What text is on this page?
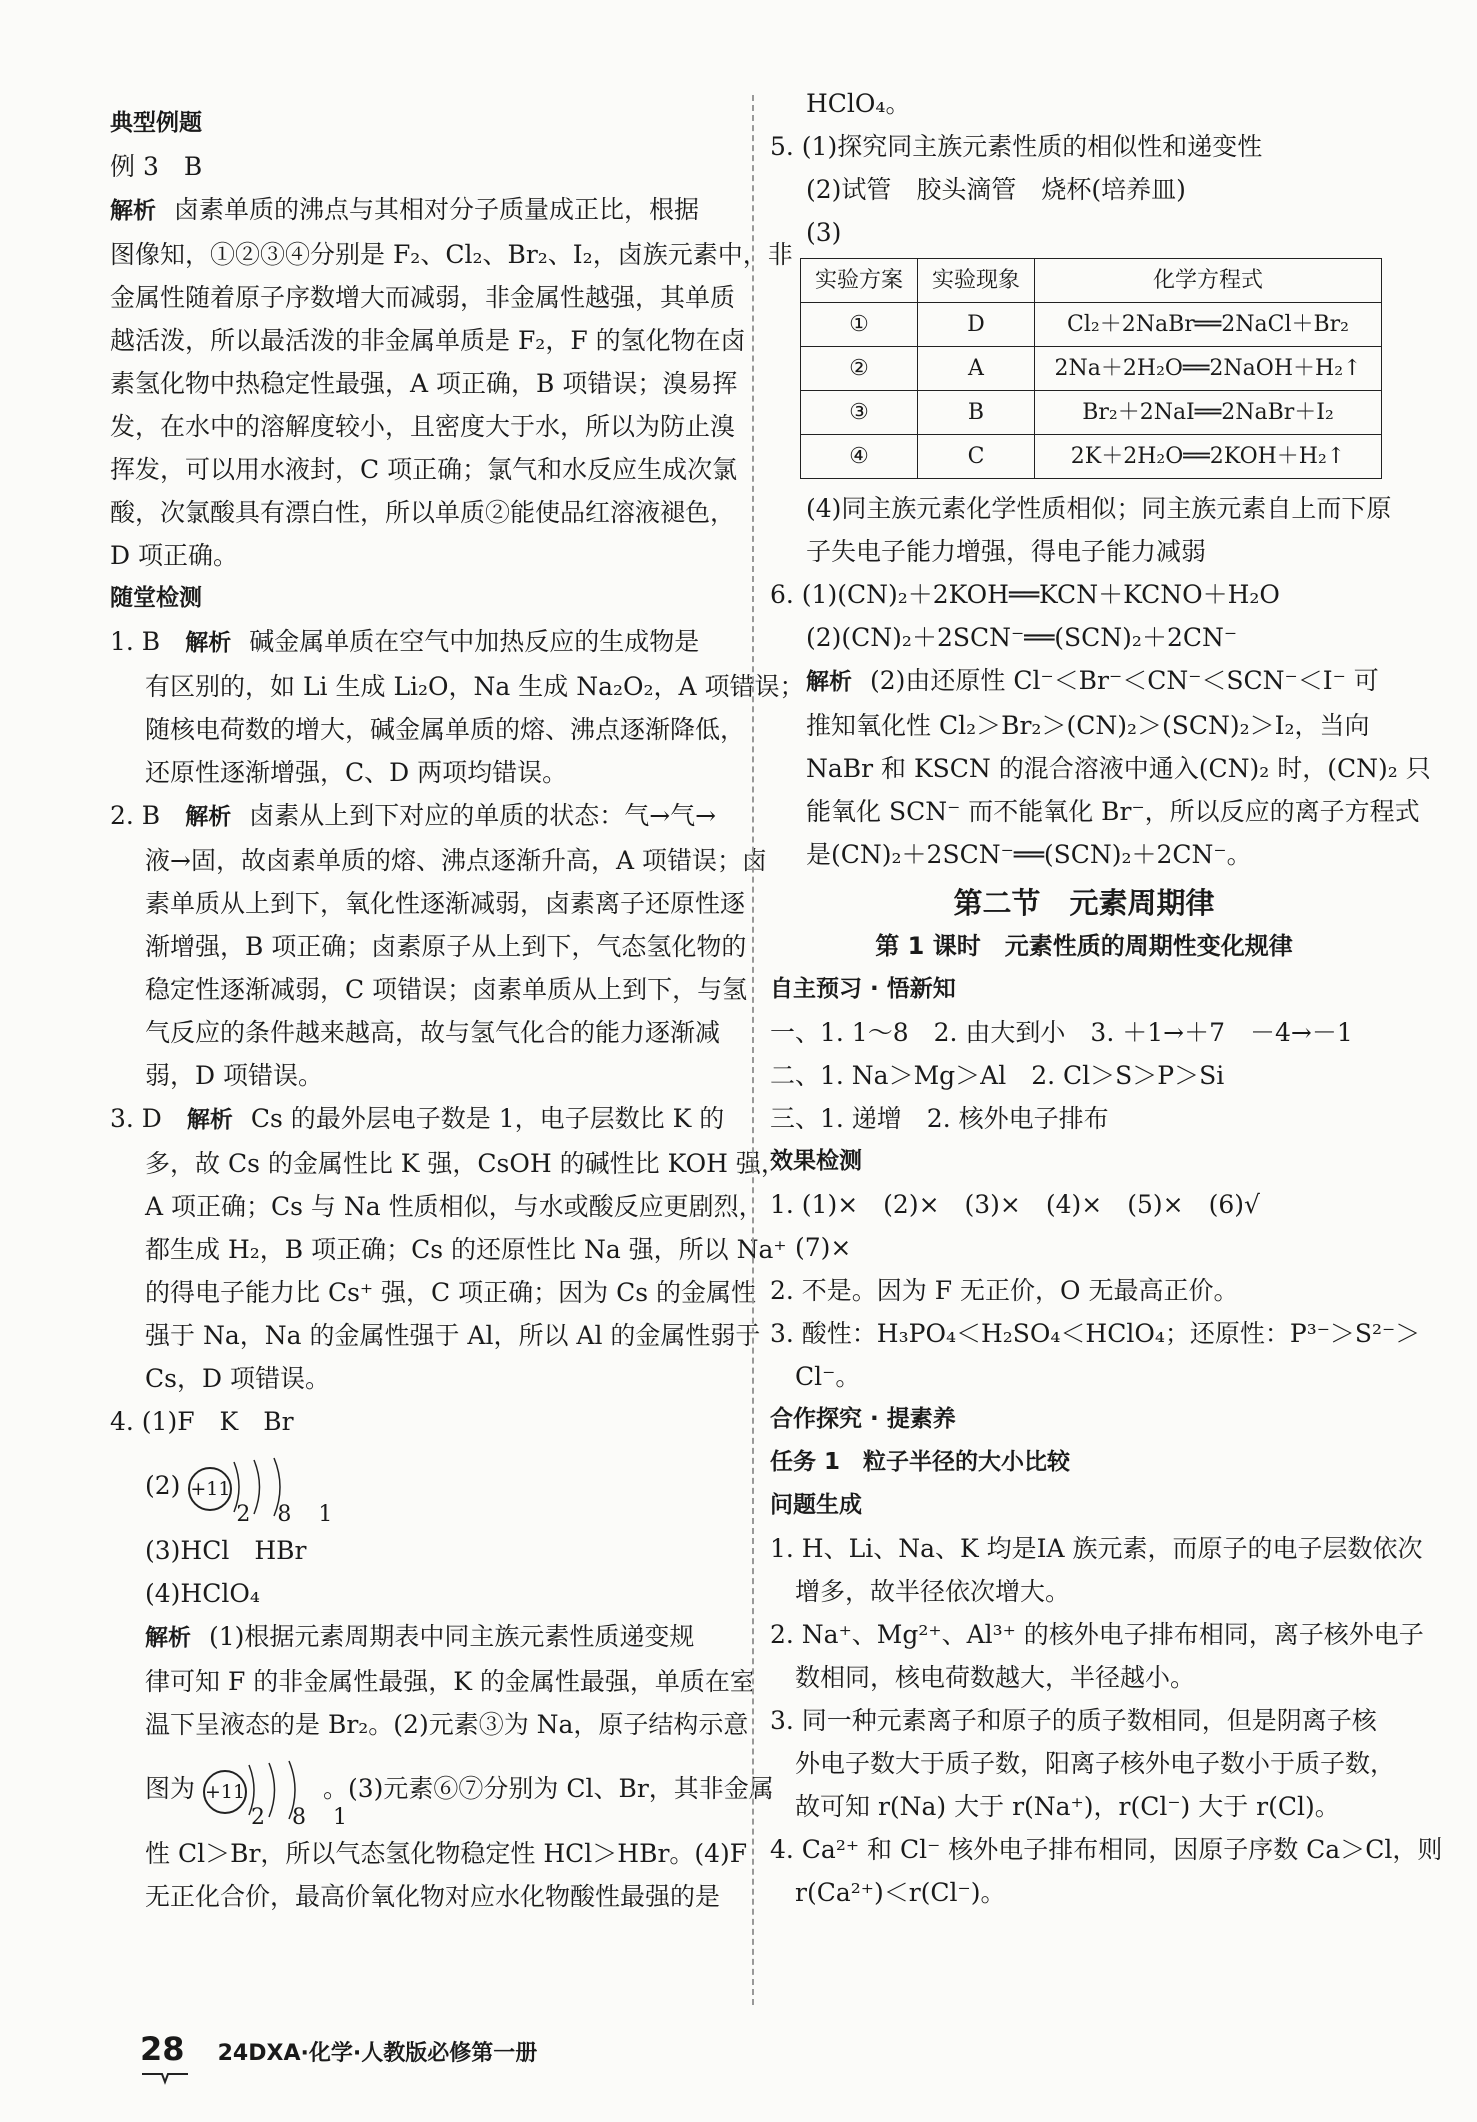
典型例题
例 3　B
解析 卤素单质的沸点与其相对分子质量成正比，根据
图像知，①②③④分别是 F₂、Cl₂、Br₂、I₂，卤族元素中，非
金属性随着原子序数增大而减弱，非金属性越强，其单质
越活泼，所以最活泼的非金属单质是 F₂，F 的氢化物在卤
素氢化物中热稳定性最强，A 项正确，B 项错误；溴易挥
发，在水中的溶解度较小，且密度大于水，所以为防止溴
挥发，可以用水液封，C 项正确；氯气和水反应生成次氯
酸，次氯酸具有漂白性，所以单质②能使品红溶液褪色，
D 项正确。
随堂检测
1. B　 解析 碱金属单质在空气中加热反应的生成物是
有区别的，如 Li 生成 Li₂O，Na 生成 Na₂O₂，A 项错误；
随核电荷数的增大，碱金属单质的熔、沸点逐渐降低，
还原性逐渐增强，C、D 两项均错误。
2. B　 解析 卤素从上到下对应的单质的状态：气→气→
液→固，故卤素单质的熔、沸点逐渐升高，A 项错误；卤
素单质从上到下，氧化性逐渐减弱，卤素离子还原性逐
渐增强，B 项正确；卤素原子从上到下，气态氢化物的
稳定性逐渐减弱，C 项错误；卤素单质从上到下，与氢
气反应的条件越来越高，故与氢气化合的能力逐渐减
弱，D 项错误。
3. D　 解析 Cs 的最外层电子数是 1，电子层数比 K 的
多，故 Cs 的金属性比 K 强，CsOH 的碱性比 KOH 强，
A 项正确；Cs 与 Na 性质相似，与水或酸反应更剧烈，
都生成 H₂，B 项正确；Cs 的还原性比 Na 强，所以 Na⁺
的得电子能力比 Cs⁺ 强，C 项正确；因为 Cs 的金属性
强于 Na，Na 的金属性强于 Al，所以 Al 的金属性弱于
Cs，D 项错误。
4. (1)F　K　Br
(2) +11
2 8 1
(3)HCl　HBr
(4)HClO₄
解析 (1)根据元素周期表中同主族元素性质递变规
律可知 F 的非金属性最强，K 的金属性最强，单质在室
温下呈液态的是 Br₂。(2)元素③为 Na，原子结构示意
图为 +11
2 8 1
。(3)元素⑥⑦分别为 Cl、Br，其非金属
性 Cl＞Br，所以气态氢化物稳定性 HCl＞HBr。(4)F
无正化合价，最高价氧化物对应水化物酸性最强的是
HClO₄。
5. (1)探究同主族元素性质的相似性和递变性
(2)试管　胶头滴管　烧杯(培养皿)
(3)
实验方案	实验现象	化学方程式
①	D	Cl₂＋2NaBr══2NaCl＋Br₂
②	A	2Na＋2H₂O══2NaOH＋H₂↑
③	B	Br₂＋2NaI══2NaBr＋I₂
④	C	2K＋2H₂O══2KOH＋H₂↑
(4)同主族元素化学性质相似；同主族元素自上而下原
子失电子能力增强，得电子能力减弱
6. (1)(CN)₂＋2KOH══KCN＋KCNO＋H₂O
(2)(CN)₂＋2SCN⁻══(SCN)₂＋2CN⁻
解析 (2)由还原性 Cl⁻＜Br⁻＜CN⁻＜SCN⁻＜I⁻ 可
推知氧化性 Cl₂＞Br₂＞(CN)₂＞(SCN)₂＞I₂，当向
NaBr 和 KSCN 的混合溶液中通入(CN)₂ 时，(CN)₂ 只
能氧化 SCN⁻ 而不能氧化 Br⁻，所以反应的离子方程式
是(CN)₂＋2SCN⁻══(SCN)₂＋2CN⁻。
第二节　元素周期律
第 1 课时　元素性质的周期性变化规律
自主预习 · 悟新知
一、1. 1～8　2. 由大到小　3. ＋1→＋7　－4→－1
二、1. Na＞Mg＞Al　2. Cl＞S＞P＞Si
三、1. 递增　2. 核外电子排布
效果检测
1. (1)×　(2)×　(3)×　(4)×　(5)×　(6)√
　(7)×
2. 不是。因为 F 无正价，O 无最高正价。
3. 酸性：H₃PO₄＜H₂SO₄＜HClO₄；还原性：P³⁻＞S²⁻＞
　Cl⁻。
合作探究 · 提素养
任务 1　粒子半径的大小比较
问题生成
1. H、Li、Na、K 均是ⅠA 族元素，而原子的电子层数依次
　增多，故半径依次增大。
2. Na⁺、Mg²⁺、Al³⁺ 的核外电子排布相同，离子核外电子
　数相同，核电荷数越大，半径越小。
3. 同一种元素离子和原子的质子数相同，但是阴离子核
　外电子数大于质子数，阳离子核外电子数小于质子数，
　故可知 r(Na) 大于 r(Na⁺)，r(Cl⁻) 大于 r(Cl)。
4. Ca²⁺ 和 Cl⁻ 核外电子排布相同，因原子序数 Ca＞Cl，则
　r(Ca²⁺)＜r(Cl⁻)。
28 24DXA·化学·人教版必修第一册
